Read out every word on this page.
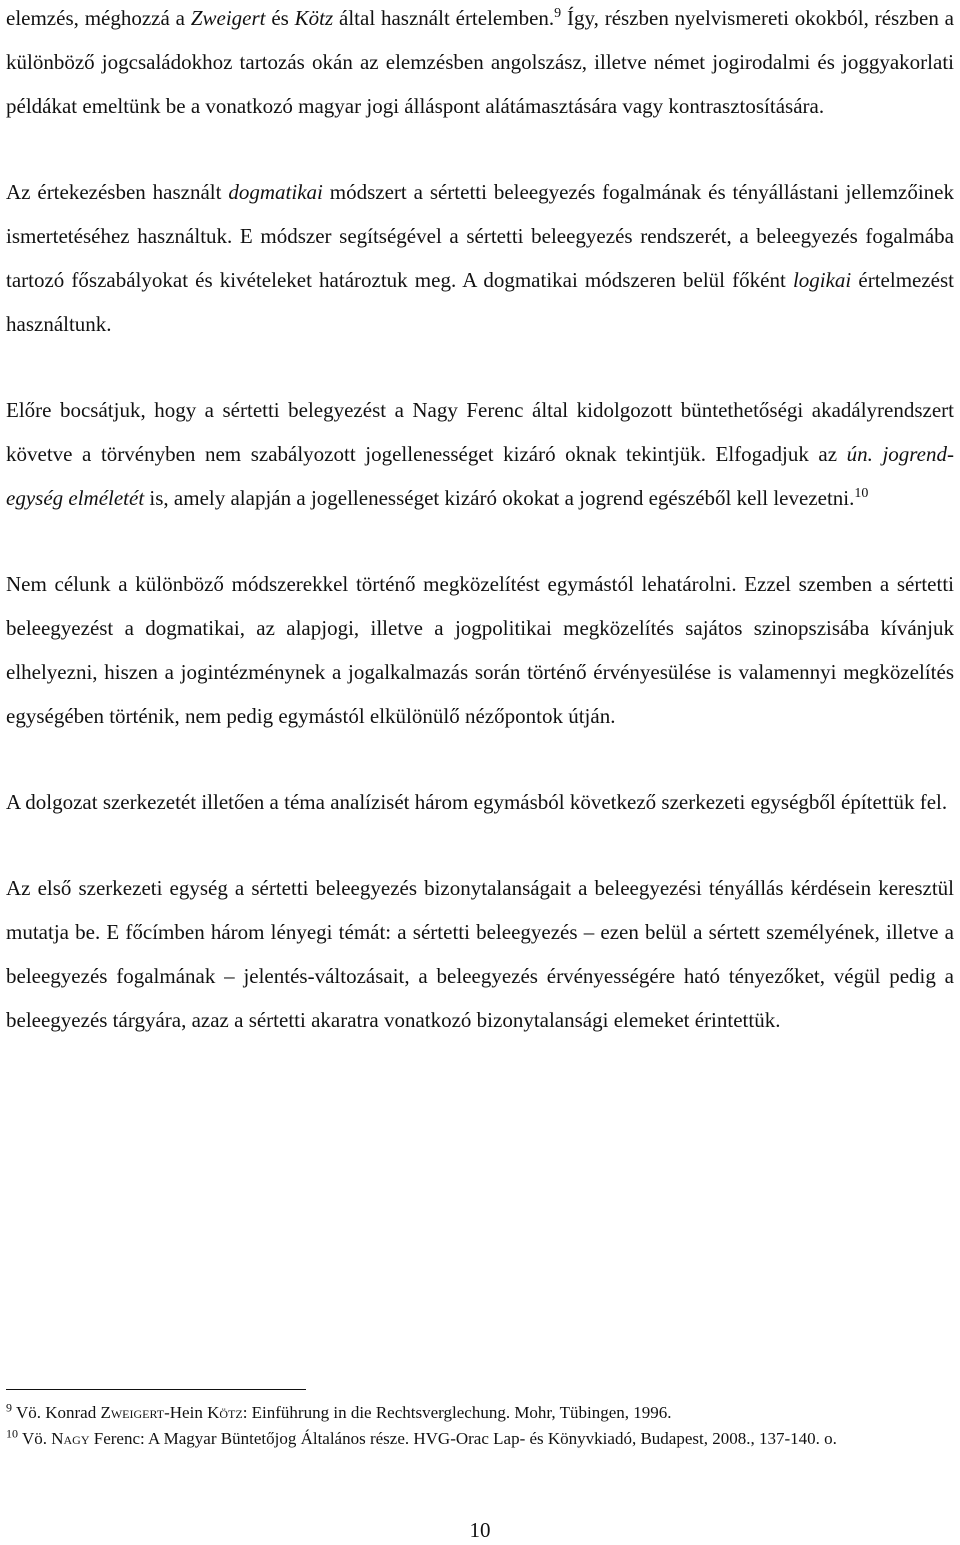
elemzés, méghozzá a Zweigert és Kötz által használt értelemben.$^9$ Így, részben nyelvismereti okokból, részben a különböző jogcsaládokhoz tartozás okán az elemzésben angolszász, illetve német jogirodalmi és joggyakorlati példákat emeltünk be a vonatkozó magyar jogi álláspont alátámasztására vagy kontrasztosítására.

Az értekezésben használt dogmatikai módszert a sértetti beleegyezés fogalmának és tényállástani jellemzőinek ismertetéséhez használtuk. E módszer segítségével a sértetti beleegyezés rendszerét, a beleegyezés fogalmába tartozó főszabályokat és kivételeket határoztuk meg. A dogmatikai módszeren belül főként logikai értelmezést használtunk.

Előre bocsátjuk, hogy a sértetti belegyezést a Nagy Ferenc által kidolgozott büntethetőségi akadályrendszert követve a törvényben nem szabályozott jogellenességet kizáró oknak tekintjük. Elfogadjuk az ún. jogrend-egység elméletét is, amely alapján a jogellenességet kizáró okokat a jogrend egészéből kell levezetni.$^{10}$

Nem célunk a különböző módszerekkel történő megközelítést egymástól lehatárolni. Ezzel szemben a sértetti beleegyezést a dogmatikai, az alapjogi, illetve a jogpolitikai megközelítés sajátos szinopszisába kívánjuk elhelyezni, hiszen a jogintézménynek a jogalkalmazás során történő érvényesülése is valamennyi megközelítés egységében történik, nem pedig egymástól elkülönülő nézőpontok útján.

A dolgozat szerkezetét illetően a téma analízisét három egymásból következő szerkezeti egységből építettük fel.

Az első szerkezeti egység a sértetti beleegyezés bizonytalanságait a beleegyezési tényállás kérdésein keresztül mutatja be. E főcímben három lényegi témát: a sértetti beleegyezés – ezen belül a sértett személyének, illetve a beleegyezés fogalmának – jelentés-változásait, a beleegyezés érvényességére ható tényezőket, végül pedig a beleegyezés tárgyára, azaz a sértetti akaratra vonatkozó bizonytalansági elemeket érintettük.

$^9$ Vö. Konrad Zweigert-Hein Kötz: Einführung in die Rechtsverglechung. Mohr, Tübingen, 1996.

$^{10}$ Vö. Nagy Ferenc: A Magyar Büntetőjog Általános része. HVG-Orac Lap- és Könyvkiadó, Budapest, 2008., 137-140. o.

10
